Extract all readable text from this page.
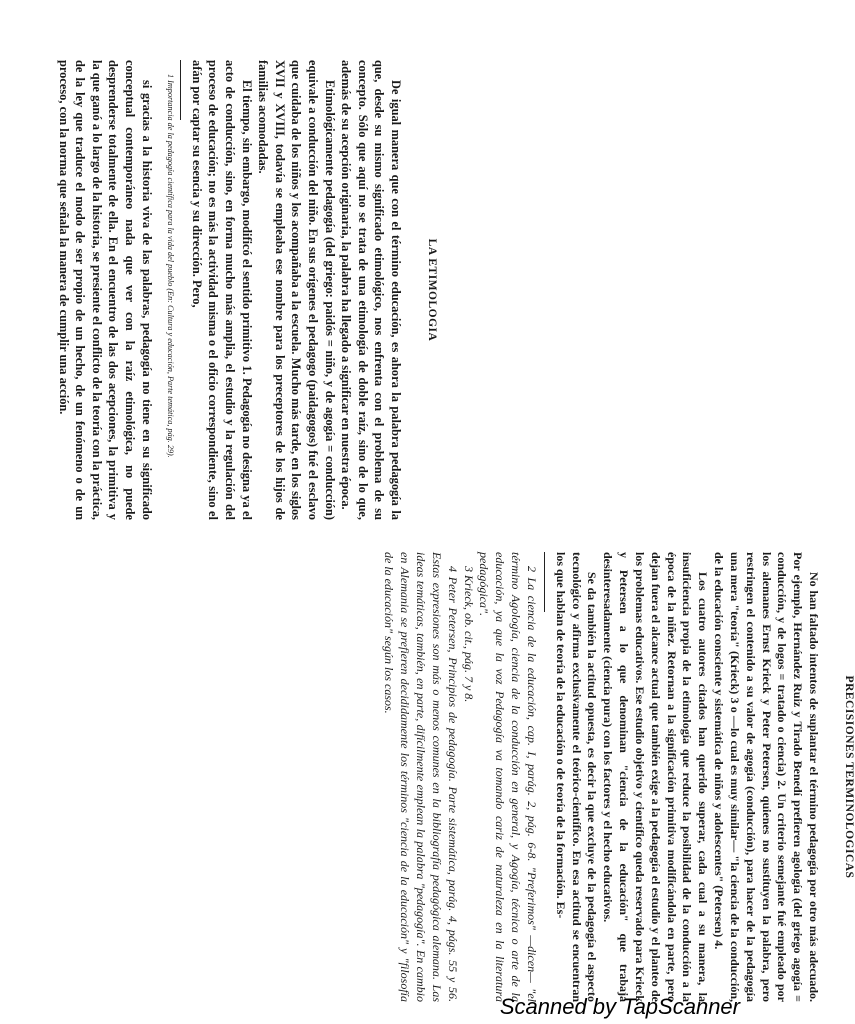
LA ETIMOLOGIA

De igual manera que con el término educación, es ahora la palabra pedagogía la que, desde su mismo significado etimológico, nos enfrenta con el problema de su concepto. Sólo que aquí no se trata de una etimología de doble raíz, sino de lo que, además de su acepción originaria, la palabra ha llegado a significar en nuestra época.

Etimológicamente pedagogía (del griego: paidós = niño, y de agogía = conducción) equivale a conducción del niño. En sus orígenes el pedagogo (paidagogos) fué el esclavo que cuidaba de los niños y los acompañaba a la escuela. Mucho más tarde, en los siglos XVII y XVIII, todavía se empleaba ese nombre para los preceptores de los hijos de familias acomodadas.

El tiempo, sin embargo, modificó el sentido primitivo 1. Pedagogía no designa ya el acto de conducción, sino, en forma mucho más amplia, el estudio y la regulación del proceso de educación; no es más la actividad misma o el oficio correspondiente, sino el afán por captar su esencia y su dirección. Pero,

1 Importancia de la pedagogía científica para la vida del pueblo (En: Cultura y educación, Parte temática, pág. 29).

si gracias a la historia viva de las palabras, pedagogía no tiene en su significado conceptual contemporáneo nada que ver con la raíz etimológica, no puede desprenderse totalmente de ella. En el encuentro de las dos acepciones, la primitiva y la que ganó a lo largo de la historia, se presiente el conflicto de la teoría con la práctica, de la ley que traduce el modo de ser propio de un hecho, de un fenómeno o de un proceso, con la norma que señala la manera de cumplir una acción.

PRECISIONES TERMINOLOGICAS

No han faltado intentos de suplantar el término pedagogía por otro más adecuado. Por ejemplo, Hernández Ruiz y Tirado Benedí prefieren agología (del griego agogía = conducción, y de logos = tratado o ciencia) 2. Un criterio semejante fué empleado por los alemanes Ernst Krieck y Peter Petersen, quienes no sustituyen la palabra, pero restringen el contenido a su valor de agogía (conducción), para hacer de la pedagogía una mera "teoría" (Krieck) 3 o —lo cual es muy similar— "la ciencia de la conducción, de la educación consciente y sistemática de niños y adolescentes" (Petersen) 4.

Los cuatro autores citados han querido superar, cada cual a su manera, la insuficiencia propia de la etimología que reduce la posibilidad de la conducción a la época de la niñez. Retornan a la significación primitiva modificándola en parte, pero dejan fuera el alcance actual que también exige a la pedagogía el estudio y el planteo de los problemas educativos. Ese estudio objetivo y científico queda reservado para Krieck y Petersen a lo que denominan "ciencia de la educación" que trabaja desinteresadamente (ciencia pura) con los factores y el hecho educativos.

Se da también la actitud opuesta, es decir la que excluye de la pedagogía el aspecto tecnológico y afirma exclusivamente el teórico-científico. En esa actitud se encuentran los que hablan de teoría de la educación o de teoría de la formación. Es-

2 La ciencia de la educación, cap. I, parág. 2, pág. 6-8. "Preferimos" —dicen— "el término Agología, ciencia de la conducción en general, y Agogía, técnica o arte de la educación, ya que la voz Pedagogía va tomando cariz de naturaleza en la literatura pedagógica".

3 Krieck, ob. cit., pág. 7 y 8.

4 Peter Petersen, Principios de pedagogía. Parte sistemática, parág. 4, págs. 55 y 56. Estas expresiones son más o menos comunes en la bibliografía pedagógica alemana. Las ideas temáticas, también, en parte, difícilmente emplean la palabra "pedagogía". En cambio en Alemania se prefieren decididamente los términos "ciencia de la educación" y "filosofía de la educación" según los casos.

Scanned by TapScanner
